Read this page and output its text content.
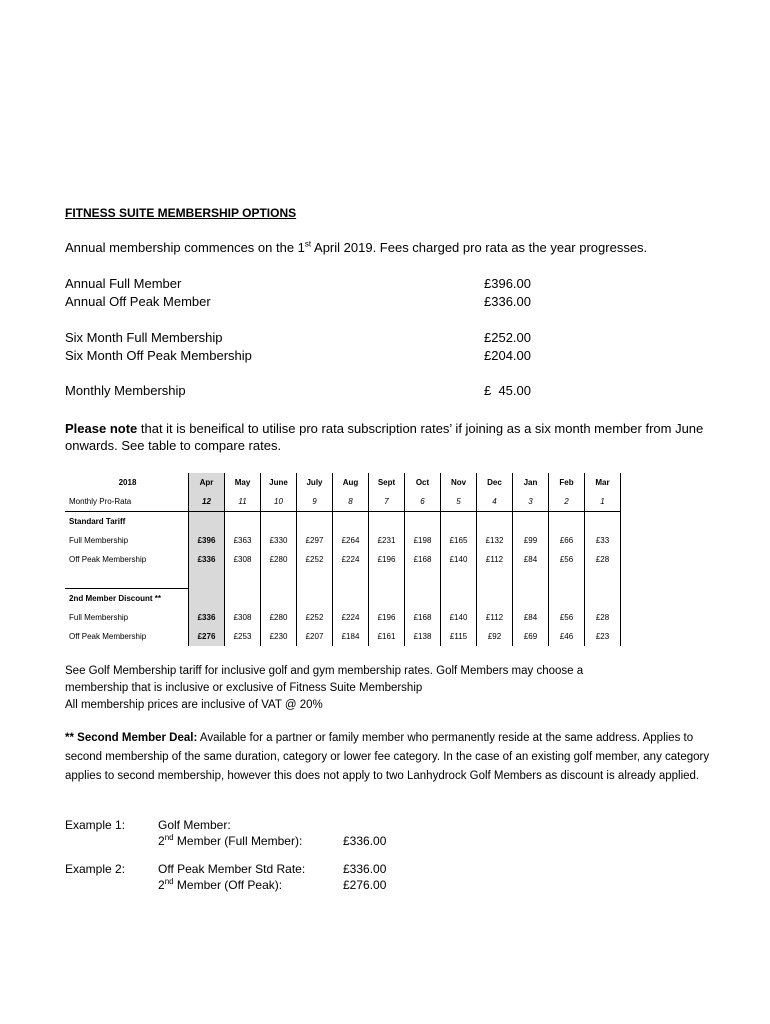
FITNESS SUITE MEMBERSHIP OPTIONS
Annual membership commences on the 1st April 2019. Fees charged pro rata as the year progresses.
Annual Full Member	£396.00
Annual Off Peak Member	£336.00
Six Month Full Membership	£252.00
Six Month Off Peak Membership	£204.00
Monthly Membership	£  45.00
Please note that it is beneifical to utilise pro rata subscription rates’ if joining as a six month member from June onwards. See table to compare rates.
2018	Apr	May	June	July	Aug	Sept	Oct	Nov	Dec	Jan	Feb	Mar
Monthly Pro-Rata	12	11	10	9	8	7	6	5	4	3	2	1
Standard Tariff												
Full Membership	£396	£363	£330	£297	£264	£231	£198	£165	£132	£99	£66	£33
Off Peak Membership	£336	£308	£280	£252	£224	£196	£168	£140	£112	£84	£56	£28

2nd Member Discount **												
Full Membership	£336	£308	£280	£252	£224	£196	£168	£140	£112	£84	£56	£28
Off Peak Membership	£276	£253	£230	£207	£184	£161	£138	£115	£92	£69	£46	£23
See Golf Membership tariff for inclusive golf and gym membership rates. Golf Members may choose a
membership that is inclusive or exclusive of Fitness Suite Membership
All membership prices are inclusive of VAT @ 20%
** Second Member Deal: Available for a partner or family member who permanently reside at the same address. Applies to second membership of the same duration, category or lower fee category. In the case of an existing golf member, any category applies to second membership, however this does not apply to two Lanhydrock Golf Members as discount is already applied.
Example 1:	Golf Member:
2nd Member (Full Member):	£336.00
Example 2:	Off Peak Member Std Rate:	£336.00
2nd Member (Off Peak):	£276.00
